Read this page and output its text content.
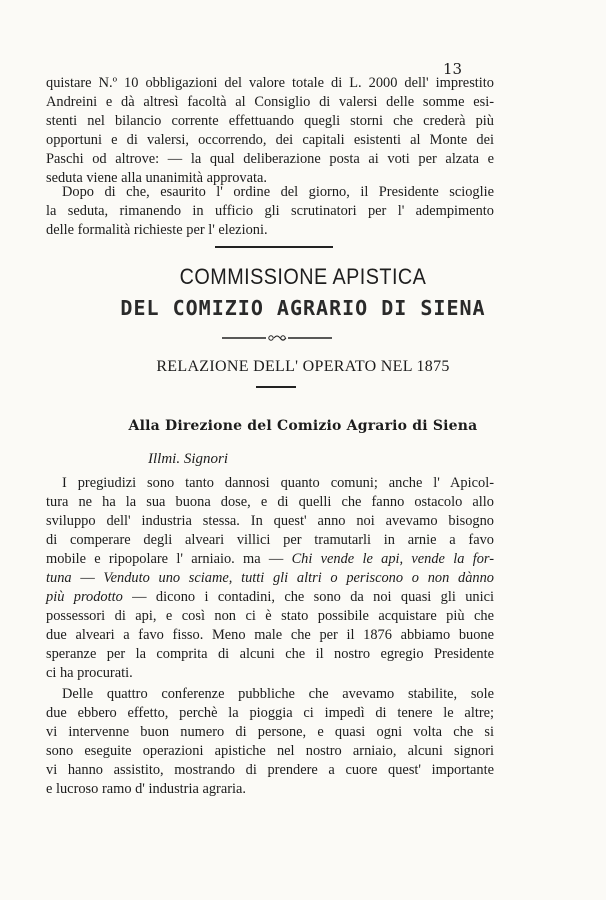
13
quistare N.º 10 obbligazioni del valore totale di L. 2000 dell' imprestito
Andreini e dà altresì facoltà al Consiglio di valersi delle somme esi-
stenti nel bilancio corrente effettuando quegli storni che crederà più
opportuni e di valersi, occorrendo, dei capitali esistenti al Monte dei
Paschi od altrove: — la qual deliberazione posta ai voti per alzata e
seduta viene alla unanimità approvata.
Dopo di che, esaurito l' ordine del giorno, il Presidente scioglie
la seduta, rimanendo in ufficio gli scrutinatori per l' adempimento
delle formalità richieste per l' elezioni.
COMMISSIONE APISTICA
DEL COMIZIO AGRARIO DI SIENA
RELAZIONE DELL' OPERATO NEL 1875
Alla Direzione del Comizio Agrario di Siena
Illmi. Signori
I pregiudizi sono tanto dannosi quanto comuni; anche l' Apicol-
tura ne ha la sua buona dose, e di quelli che fanno ostacolo allo
sviluppo dell' industria stessa. In quest' anno noi avevamo bisogno
di comperare degli alveari villici per tramutarli in arnie a favo
mobile e ripopolare l' arniaio. ma — Chi vende le api, vende la for-
tuna — Venduto uno sciame, tutti gli altri o periscono o non dànno
più prodotto — dicono i contadini, che sono da noi quasi gli unici
possessori di api, e così non ci è stato possibile acquistare più che
due alveari a favo fisso. Meno male che per il 1876 abbiamo buone
speranze per la comprita di alcuni che il nostro egregio Presidente
ci ha procurati.
Delle quattro conferenze pubbliche che avevamo stabilite, sole
due ebbero effetto, perchè la pioggia ci impedì di tenere le altre;
vi intervenne buon numero di persone, e quasi ogni volta che si
sono eseguite operazioni apistiche nel nostro arniaio, alcuni signori
vi hanno assistito, mostrando di prendere a cuore quest' importante
e lucroso ramo d' industria agraria.
